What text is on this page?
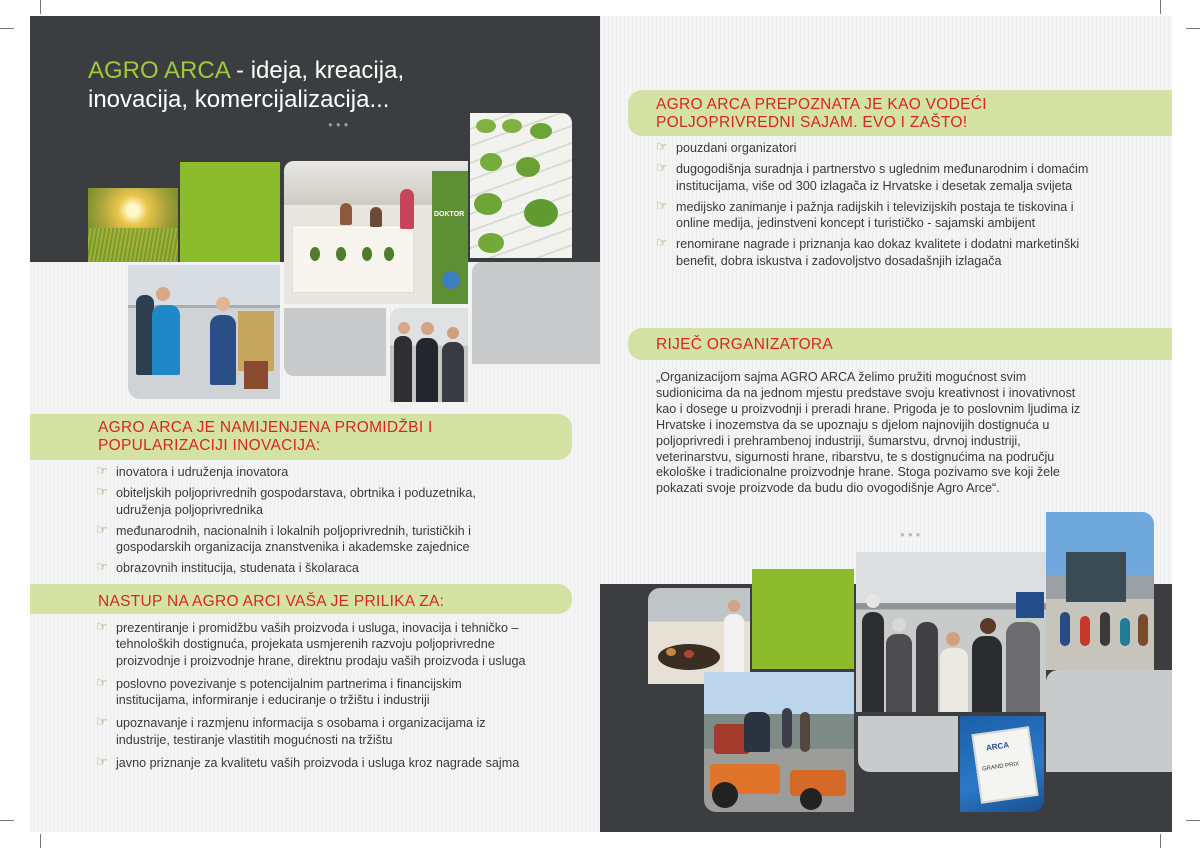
AGRO ARCA - ideja, kreacija,
inovacija, komercijalizacija...
●●●
DOKTOR
AGRO ARCA JE NAMIJENJENA PROMIDŽBI I
POPULARIZACIJI INOVACIJA:
☞ inovatora i udruženja inovatora
☞ obiteljskih poljoprivrednih gospodarstava, obrtnika i poduzetnika, udruženja poljoprivrednika
☞ međunarodnih, nacionalnih i lokalnih poljoprivrednih, turističkih i gospodarskih organizacija znanstvenika i akademske zajednice
☞ obrazovnih institucija, studenata i školaraca
NASTUP NA AGRO ARCI VAŠA JE PRILIKA ZA:
☞ prezentiranje i promidžbu vaših proizvoda i usluga, inovacija i tehničko – tehnoloških dostignuća, projekata usmjerenih razvoju poljoprivredne proizvodnje i proizvodnje hrane, direktnu prodaju vaših proizvoda i usluga
☞ poslovno povezivanje s potencijalnim partnerima i financijskim institucijama, informiranje i educiranje o tržištu i industriji
☞ upoznavanje i razmjenu informacija s osobama i organizacijama iz industrije, testiranje vlastitih mogućnosti na tržištu
☞ javno priznanje za kvalitetu vaših proizvoda i usluga kroz nagrade sajma
AGRO ARCA PREPOZNATA JE KAO VODEĆI
POLJOPRIVREDNI SAJAM. EVO I ZAŠTO!
☞ pouzdani organizatori
☞ dugogodišnja suradnja i partnerstvo s uglednim međunarodnim i domaćim institucijama, više od 300 izlagača iz Hrvatske i desetak zemalja svijeta
☞ medijsko zanimanje i pažnja radijskih i televizijskih postaja te tiskovina i online medija, jedinstveni koncept i turističko - sajamski ambijent
☞ renomirane nagrade i priznanja kao dokaz kvalitete i dodatni marketinški benefit, dobra iskustva i zadovoljstvo dosadašnjih izlagača
RIJEČ ORGANIZATORA
„Organizacijom sajma AGRO ARCA želimo pružiti mogućnost svim sudionicima da na jednom mjestu predstave svoju kreativnost i inovativnost kao i dosege u proizvodnji i preradi hrane. Prigoda je to poslovnim ljudima iz Hrvatske i inozemstva da se upoznaju s djelom najnovijih dostignuća u poljoprivredi i prehrambenoj industriji, šumarstvu, drvnoj industriji, veterinarstvu, sigurnosti hrane, ribarstvu, te s dostignućima na području ekološke i tradicionalne proizvodnje hrane. Stoga pozivamo sve koji žele pokazati svoje proizvode da budu dio ovogodišnje Agro Arce“.
●●●
ARCA
GRAND PRIX
